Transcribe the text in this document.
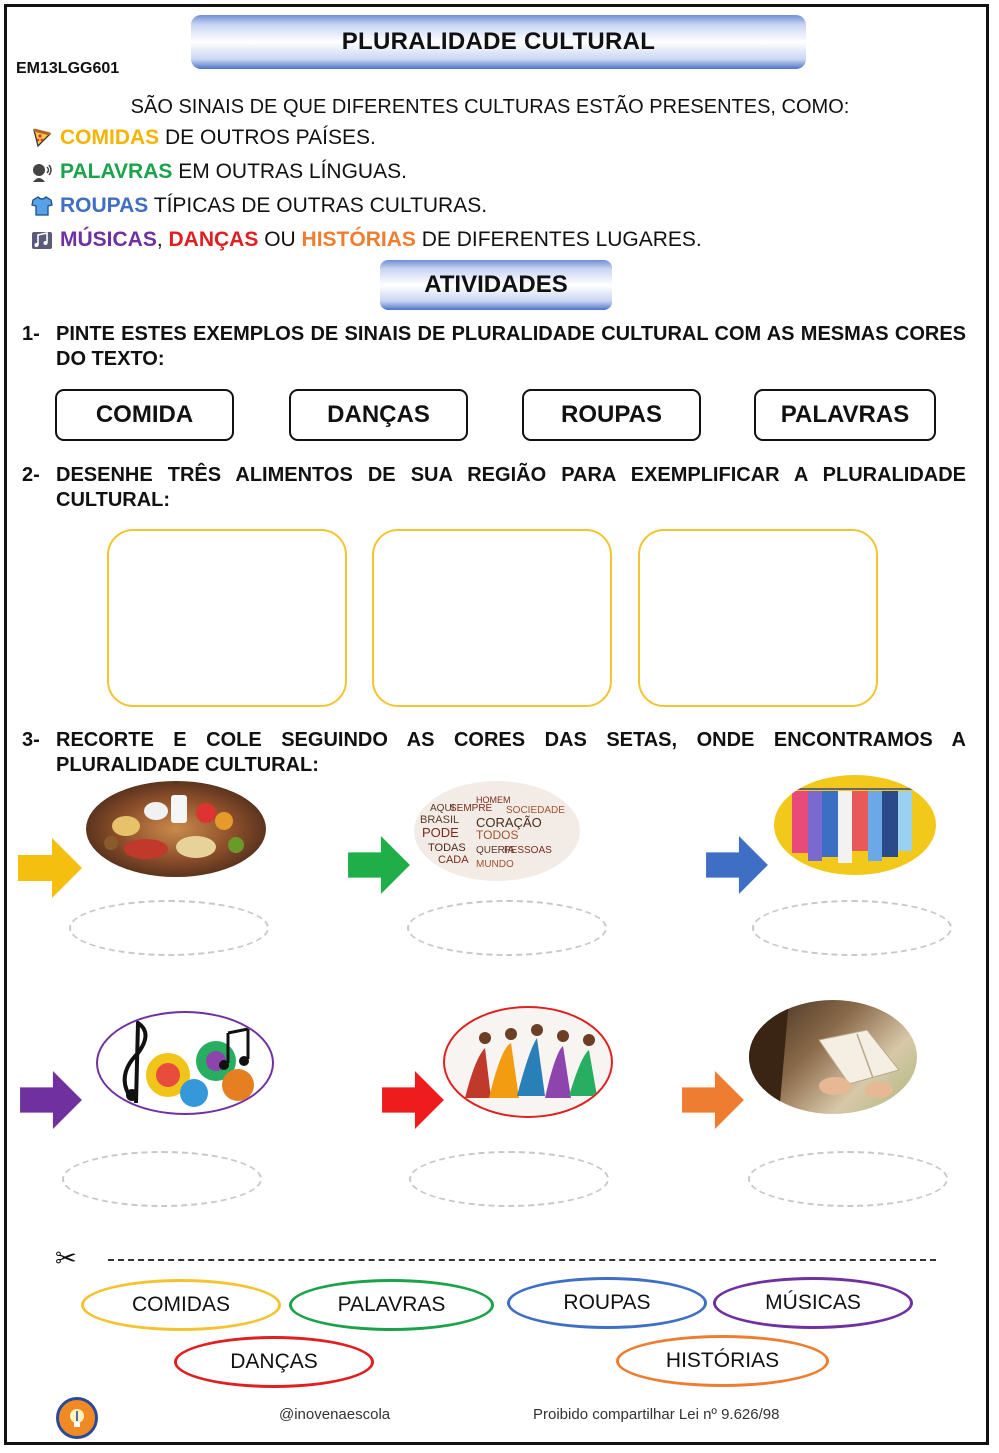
PLURALIDADE CULTURAL
EM13LGG601
SÃO SINAIS DE QUE DIFERENTES CULTURAS ESTÃO PRESENTES, COMO:
COMIDAS DE OUTROS PAÍSES.
PALAVRAS EM OUTRAS LÍNGUAS.
ROUPAS TÍPICAS DE OUTRAS CULTURAS.
MÚSICAS, DANÇAS OU HISTÓRIAS DE DIFERENTES LUGARES.
ATIVIDADES
1- PINTE ESTES EXEMPLOS DE SINAIS DE PLURALIDADE CULTURAL COM AS MESMAS CORES DO TEXTO:
COMIDA	DANÇAS	ROUPAS	PALAVRAS
2- DESENHE TRÊS ALIMENTOS DE SUA REGIÃO PARA EXEMPLIFICAR A PLURALIDADE CULTURAL:
3- RECORTE E COLE SEGUINDO AS CORES DAS SETAS, ONDE ENCONTRAMOS A PLURALIDADE CULTURAL:
HOMEM
SOCIEDADE
AQUI
SEMPRE
BRASIL CORAÇÃO
PODE TODOS
QUERIA
PESSOAS
TODAS
CADA MUNDO
✂
COMIDAS	PALAVRAS	ROUPAS	MÚSICAS
DANÇAS	HISTÓRIAS
@inovenaescola	Proibido compartilhar Lei nº 9.626/98
